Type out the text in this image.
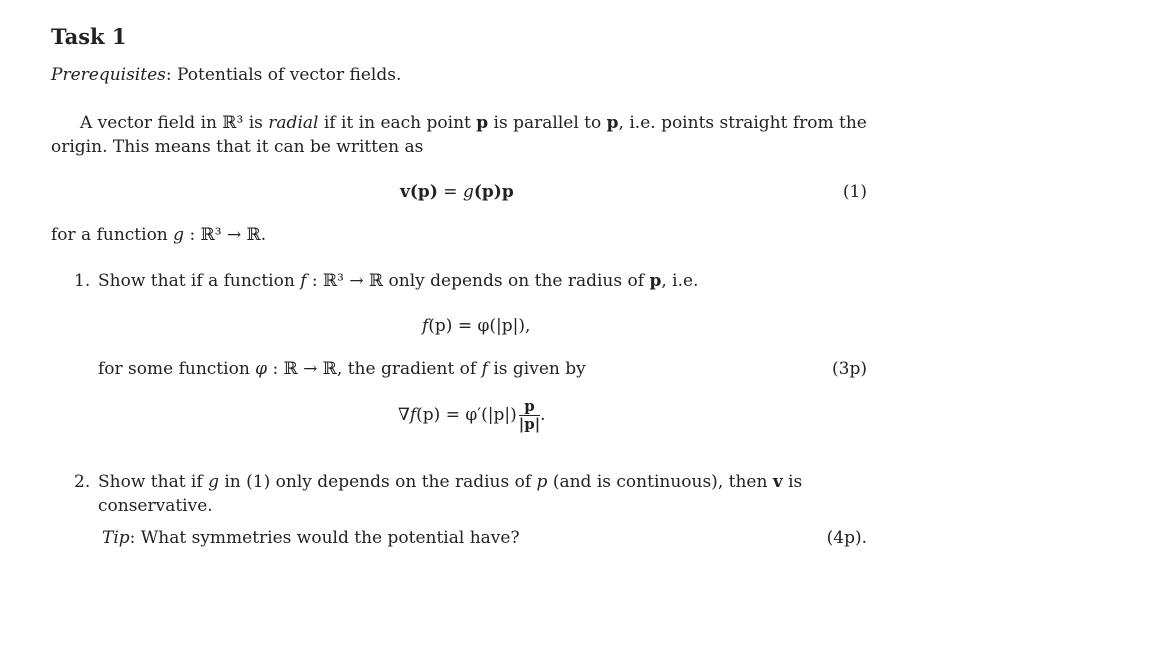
Task 1
Prerequisites: Potentials of vector fields.
A vector field in ℝ³ is radial if it in each point p is parallel to p, i.e. points straight from the
origin. This means that it can be written as
v(p) = g(p)p	(1)
for a function g : ℝ³ → ℝ.
1. Show that if a function f : ℝ³ → ℝ only depends on the radius of p, i.e.
f(p) = φ(|p|),
for some function φ : ℝ → ℝ, the gradient of f is given by	(3p)
$\nabla f(p) = \varphi'(|p|) \frac{p}{|p|}$ .
2. Show that if g in (1) only depends on the radius of p (and is continuous), then v is
conservative.
Tip: What symmetries would the potential have?	(4p).
